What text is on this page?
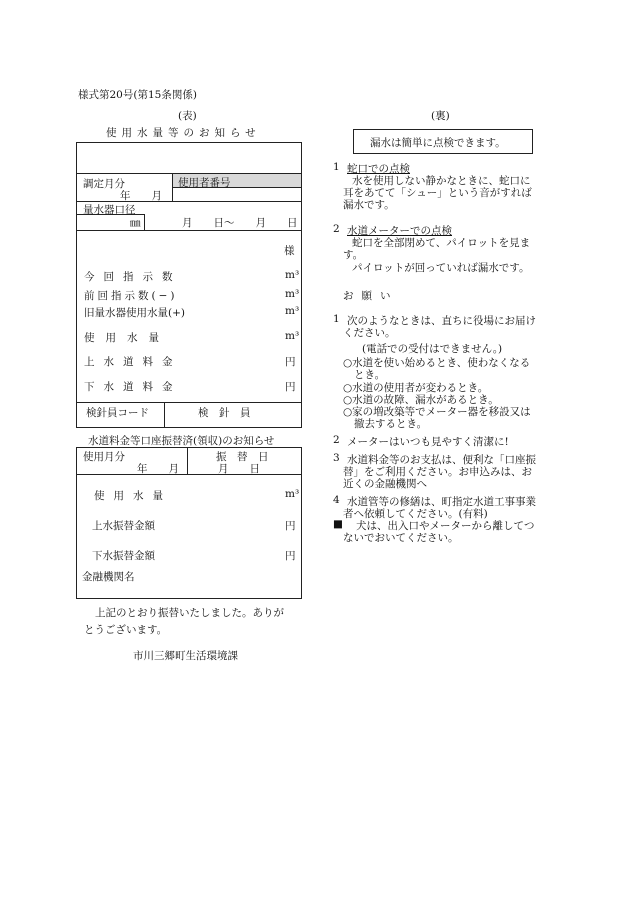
様式第20号(第15条関係)
(表)
使用水量等のお知らせ
調定月分
年　　月
使用者番号
量水器口径
㎜	月　　日〜　　月　　日
様
今回指示数	m³
前回指示数(−)	m³
旧量水器使用水量(+)	m³
使用水量	m³
上水道料金	円
下水道料金	円
検針員コード	検　針　員
水道料金等口座振替済(領収)のお知らせ
使用月分
年　　月
振　替　日
月　　日
使用水量	m³
上水振替金額	円
下水振替金額	円
金融機関名
上記のとおり振替いたしました。ありが
とうございます。
市川三郷町生活環境課
(裏)
漏水は簡単に点検できます。
1 蛇口での点検
水を使用しない静かなときに、蛇口に
耳をあてて「シュー」という音がすれば
漏水です。
2 水道メーターでの点検
蛇口を全部閉めて、パイロットを見ま
す。
パイロットが回っていれば漏水です。
お願い
1 次のようなときは、直ちに役場にお届け
ください。
(電話での受付はできません。)
○水道を使い始めるとき、使わなくなる
とき。
○水道の使用者が変わるとき。
○水道の故障、漏水があるとき。
○家の増改築等でメーター器を移設又は
撤去するとき。
2 メーターはいつも見やすく清潔に!
3 水道料金等のお支払は、便利な「口座振
替」をご利用ください。お申込みは、お
近くの金融機関へ
4 水道管等の修繕は、町指定水道工事事業
者へ依頼してください。(有料)
■ 犬は、出入口やメーターから離してつ
ないでおいてください。
